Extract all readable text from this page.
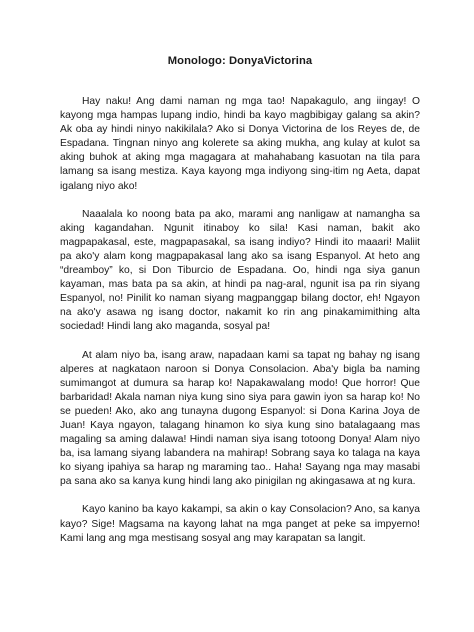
Monologo: DonyaVictorina

Hay naku! Ang dami naman ng mga tao! Napakagulo, ang iingay! O kayong mga hampas lupang indio, hindi ba kayo magbibigay galang sa akin? Ak oba ay hindi ninyo nakikilala? Ako si Donya Victorina de los Reyes de, de Espadana. Tingnan ninyo ang kolerete sa aking mukha, ang kulay at kulot sa aking buhok at aking mga magagara at mahahabang kasuotan na tila para lamang sa isang mestiza. Kaya kayong mga indiyong sing-itim ng Aeta, dapat igalang niyo ako!

Naaalala ko noong bata pa ako, marami ang nanligaw at namangha sa aking kagandahan. Ngunit itinaboy ko sila! Kasi naman, bakit ako magpapakasal, este, magpapasakal, sa isang indiyo? Hindi ito maaari! Maliit pa ako'y alam kong magpapakasal lang ako sa isang Espanyol. At heto ang “dreamboy” ko, si Don Tiburcio de Espadana. Oo, hindi nga siya ganun kayaman, mas bata pa sa akin, at hindi pa nag-aral, ngunit isa pa rin siyang Espanyol, no! Pinilit ko naman siyang magpanggap bilang doctor, eh! Ngayon na ako'y asawa ng isang doctor, nakamit ko rin ang pinakamimithing alta sociedad! Hindi lang ako maganda, sosyal pa!

At alam niyo ba, isang araw, napadaan kami sa tapat ng bahay ng isang alperes at nagkataon naroon si Donya Consolacion. Aba'y bigla ba naming sumimangot at dumura sa harap ko! Napakawalang modo! Que horror! Que barbaridad! Akala naman niya kung sino siya para gawin iyon sa harap ko! No se pueden! Ako, ako ang tunayna dugong Espanyol: si Dona Karina Joya de Juan! Kaya ngayon, talagang hinamon ko siya kung sino batalagaang mas magaling sa aming dalawa! Hindi naman siya isang totoong Donya! Alam niyo ba, isa lamang siyang labandera na mahirap! Sobrang saya ko talaga na kaya ko siyang ipahiya sa harap ng maraming tao.. Haha! Sayang nga may masabi pa sana ako sa kanya kung hindi lang ako pinigilan ng akingasawa at ng kura.

Kayo kanino ba kayo kakampi, sa akin o kay Consolacion? Ano, sa kanya kayo? Sige! Magsama na kayong lahat na mga panget at peke sa impyerno! Kami lang ang mga mestisang sosyal ang may karapatan sa langit.
